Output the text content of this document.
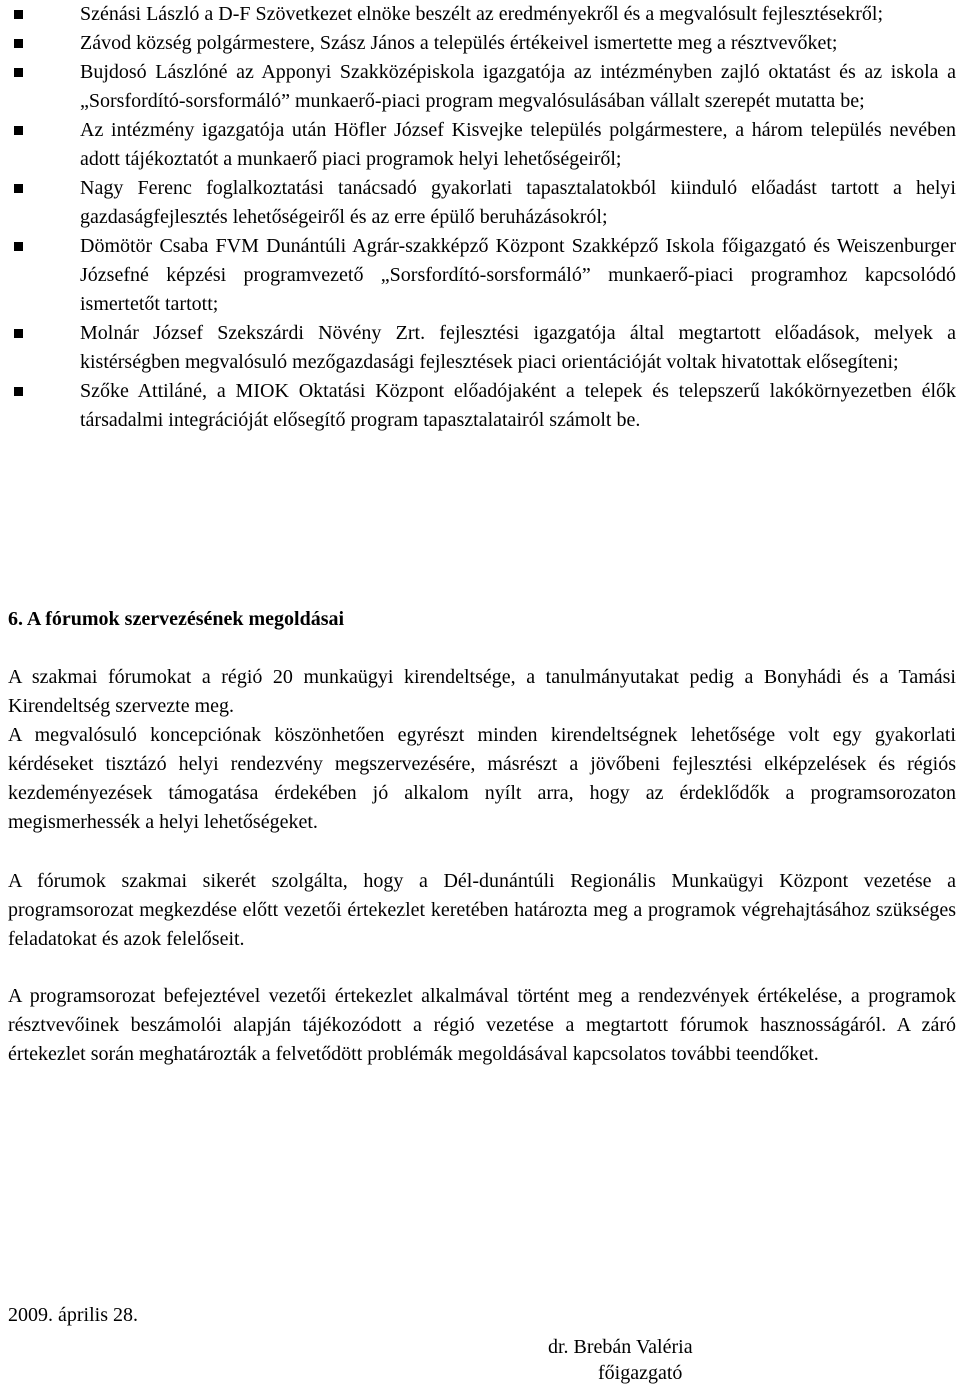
Szénási László a D-F Szövetkezet elnöke beszélt az eredményekről és a megvalósult fejlesztésekről;
Závod község polgármestere, Szász János a település értékeivel ismertette meg a résztvevőket;
Bujdosó Lászlóné az Apponyi Szakközépiskola igazgatója az intézményben zajló oktatást és az iskola a „Sorsfordító-sorsformáló” munkaerő-piaci program megvalósulásában vállalt szerepét mutatta be;
Az intézmény igazgatója után Höfler József Kisvejke település polgármestere, a három település nevében adott tájékoztatót a munkaerő piaci programok helyi lehetőségeiről;
Nagy Ferenc foglalkoztatási tanácsadó gyakorlati tapasztalatokból kiinduló előadást tartott a helyi gazdaságfejlesztés lehetőségeiről és az erre épülő beruházásokról;
Dömötör Csaba FVM Dunántúli Agrár-szakképző Központ Szakképző Iskola főigazgató és Weiszenburger Józsefné képzési programvezető „Sorsfordító-sorsformáló” munkaerő-piaci programhoz kapcsolódó ismertetőt tartott;
Molnár József Szekszárdi Növény Zrt. fejlesztési igazgatója által megtartott előadások, melyek a kistérségben megvalósuló mezőgazdasági fejlesztések piaci orientációját voltak hivatottak elősegíteni;
Szőke Attiláné, a MIOK Oktatási Központ előadójaként a telepek és telepszerű lakókörnyezetben élők társadalmi integrációját elősegítő program tapasztalatairól számolt be.
6. A fórumok szervezésének megoldásai

A szakmai fórumokat a régió 20 munkaügyi kirendeltsége, a tanulmányutakat pedig a Bonyhádi és a Tamási Kirendeltség szervezte meg.

A megvalósuló koncepciónak köszönhetően egyrészt minden kirendeltségnek lehetősége volt egy gyakorlati kérdéseket tisztázó helyi rendezvény megszervezésére, másrészt a jövőbeni fejlesztési elképzelések és régiós kezdeményezések támogatása érdekében jó alkalom nyílt arra, hogy az érdeklődők a programsorozaton megismerhessék a helyi lehetőségeket.

A fórumok szakmai sikerét szolgálta, hogy a Dél-dunántúli Regionális Munkaügyi Központ vezetése a programsorozat megkezdése előtt vezetői értekezlet keretében határozta meg a programok végrehajtásához szükséges feladatokat és azok felelőseit.

A programsorozat befejeztével vezetői értekezlet alkalmával történt meg a rendezvények értékelése, a programok résztvevőinek beszámolói alapján tájékozódott a régió vezetése a megtartott fórumok hasznosságáról. A záró értekezlet során meghatározták a felvetődött problémák megoldásával kapcsolatos további teendőket.

2009. április 28.

dr. Brebán Valéria

főigazgató
